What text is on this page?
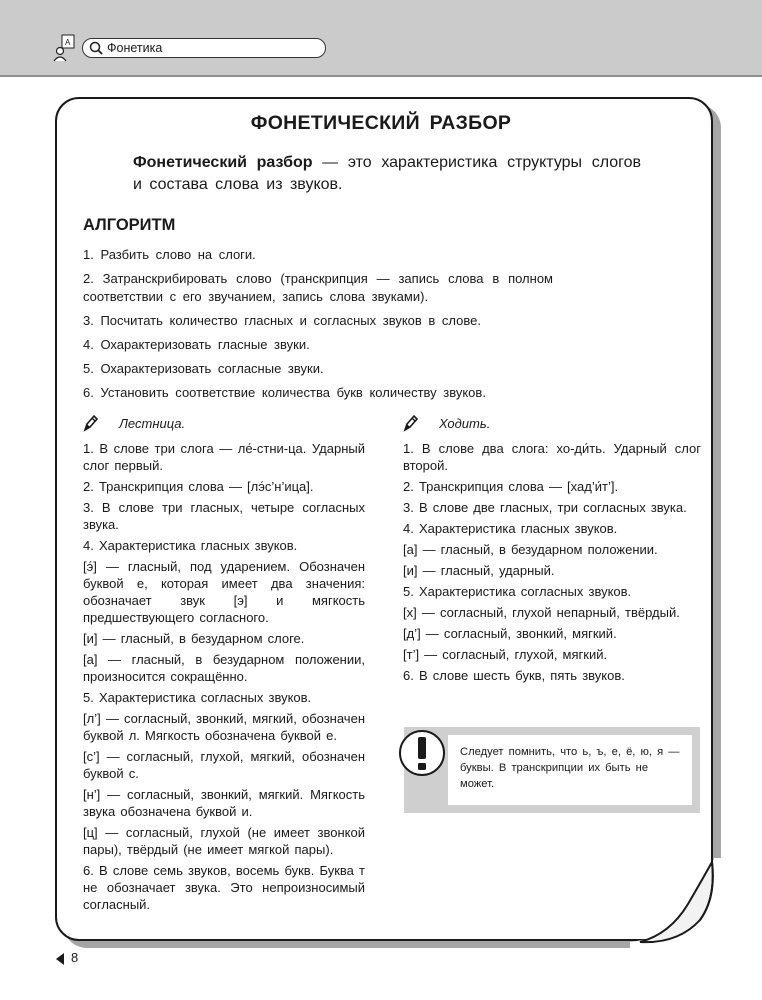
A	Фонетика
ФОНЕТИЧЕСКИЙ РАЗБОР
Фонетический разбор — это характеристика структуры слогов и состава слова из звуков.
АЛГОРИТМ
1. Разбить слово на слоги.
2. Затранскрибировать слово (транскрипция — запись слова в полном соответствии с его звучанием, запись слова звуками).
3. Посчитать количество гласных и согласных звуков в слове.
4. Охарактеризовать гласные звуки.
5. Охарактеризовать согласные звуки.
6. Установить соответствие количества букв количеству звуков.
Лестница.

1. В слове три слога — ле́-стни-ца. Ударный слог первый.

2. Транскрипция слова — [лэ́с’н’ица].

3. В слове три гласных, четыре согласных звука.

4. Характеристика гласных звуков.

[э́] — гласный, под ударением. Обозначен буквой е, которая имеет два значения: обозначает звук [э] и мягкость предшествующего согласного.

[и] — гласный, в безударном слоге.

[а] — гласный, в безударном положении, произносится сокращённо.

5. Характеристика согласных звуков.

[л’] — согласный, звонкий, мягкий, обозначен буквой л. Мягкость обозначена буквой е.

[с’] — согласный, глухой, мягкий, обозначен буквой с.

[н’] — согласный, звонкий, мягкий. Мягкость звука обозначена буквой и.

[ц] — согласный, глухой (не имеет звонкой пары), твёрдый (не имеет мягкой пары).

6. В слове семь звуков, восемь букв. Буква т не обозначает звука. Это непроизносимый согласный.

Ходить.

1. В слове два слога: хо-ди́ть. Ударный слог второй.

2. Транскрипция слова — [хад’и́т’].

3. В слове две гласных, три согласных звука.

4. Характеристика гласных звуков.

[а] — гласный, в безударном положении.

[и] — гласный, ударный.

5. Характеристика согласных звуков.

[х] — согласный, глухой непарный, твёрдый.

[д’] — согласный, звонкий, мягкий.

[т’] — согласный, глухой, мягкий.

6. В слове шесть букв, пять звуков.

Следует помнить, что ь, ъ, е, ё, ю, я — буквы. В транскрипции их быть не может.
8
